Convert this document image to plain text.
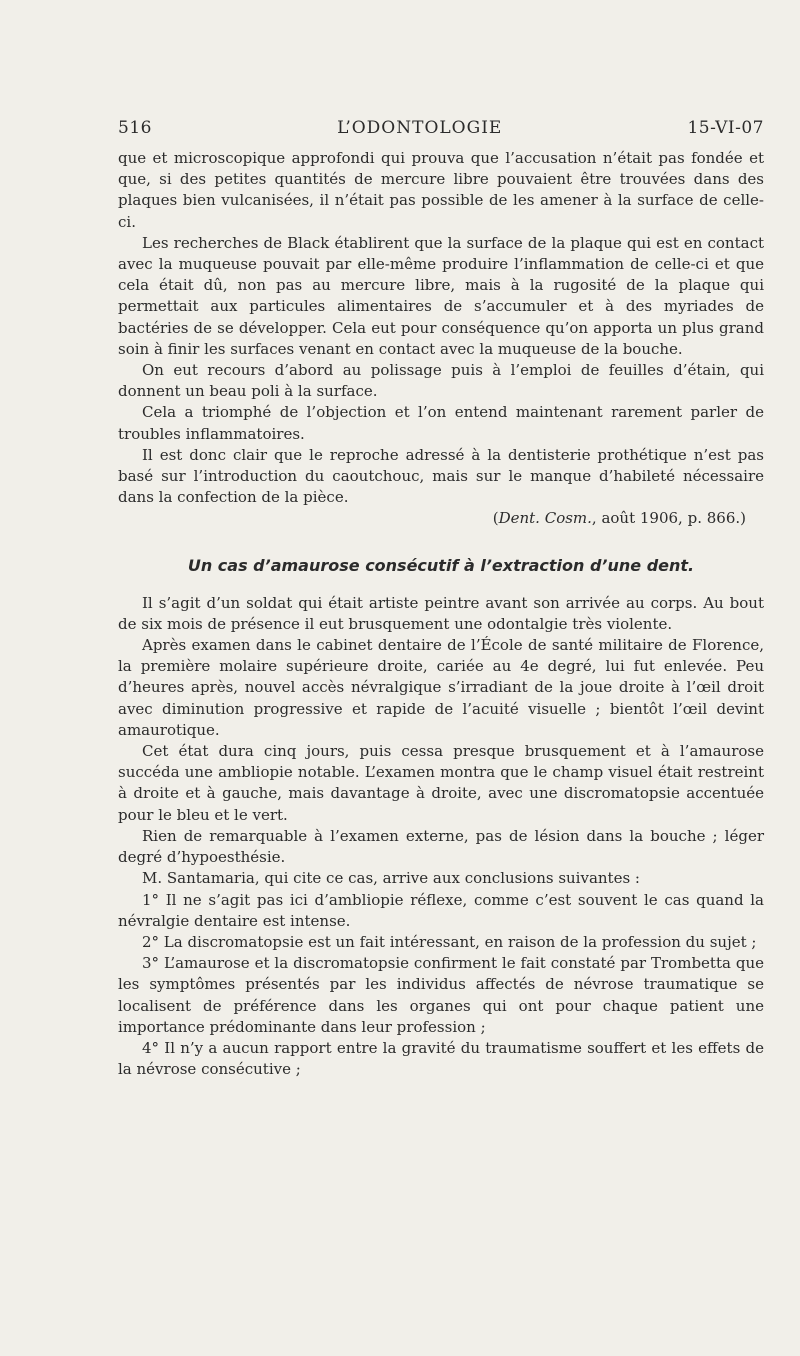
516	L’ODONTOLOGIE	15-VI-07

que et microscopique approfondi qui prouva que l’accusation n’était pas fondée et que, si des petites quantités de mercure libre pouvaient être trouvées dans des plaques bien vulcanisées, il n’était pas possible de les amener à la surface de celle-ci.

Les recherches de Black établirent que la surface de la plaque qui est en contact avec la muqueuse pouvait par elle-même produire l’inflammation de celle-ci et que cela était dû, non pas au mercure libre, mais à la rugosité de la plaque qui permettait aux particules alimentaires de s’accumuler et à des myriades de bactéries de se développer. Cela eut pour conséquence qu’on apporta un plus grand soin à finir les surfaces venant en contact avec la muqueuse de la bouche.

On eut recours d’abord au polissage puis à l’emploi de feuilles d’étain, qui donnent un beau poli à la surface.

Cela a triomphé de l’objection et l’on entend maintenant rarement parler de troubles inflammatoires.

Il est donc clair que le reproche adressé à la dentisterie prothétique n’est pas basé sur l’introduction du caoutchouc, mais sur le manque d’habileté nécessaire dans la confection de la pièce.

(Dent. Cosm., août 1906, p. 866.)

Un cas d’amaurose consécutif à l’extraction d’une dent.

Il s’agit d’un soldat qui était artiste peintre avant son arrivée au corps. Au bout de six mois de présence il eut brusquement une odontalgie très violente.

Après examen dans le cabinet dentaire de l’École de santé militaire de Florence, la première molaire supérieure droite, cariée au 4e degré, lui fut enlevée. Peu d’heures après, nouvel accès névralgique s’irradiant de la joue droite à l’œil droit avec diminution progressive et rapide de l’acuité visuelle ; bientôt l’œil devint amaurotique.

Cet état dura cinq jours, puis cessa presque brusquement et à l’amaurose succéda une ambliopie notable. L’examen montra que le champ visuel était restreint à droite et à gauche, mais davantage à droite, avec une discromatopsie accentuée pour le bleu et le vert.

Rien de remarquable à l’examen externe, pas de lésion dans la bouche ; léger degré d’hypoesthésie.

M. Santamaria, qui cite ce cas, arrive aux conclusions suivantes :

1° Il ne s’agit pas ici d’ambliopie réflexe, comme c’est souvent le cas quand la névralgie dentaire est intense.

2° La discromatopsie est un fait intéressant, en raison de la profession du sujet ;

3° L’amaurose et la discromatopsie confirment le fait constaté par Trombetta que les symptômes présentés par les individus affectés de névrose traumatique se localisent de préférence dans les organes qui ont pour chaque patient une importance prédominante dans leur profession ;

4° Il n’y a aucun rapport entre la gravité du traumatisme souffert et les effets de la névrose consécutive ;
